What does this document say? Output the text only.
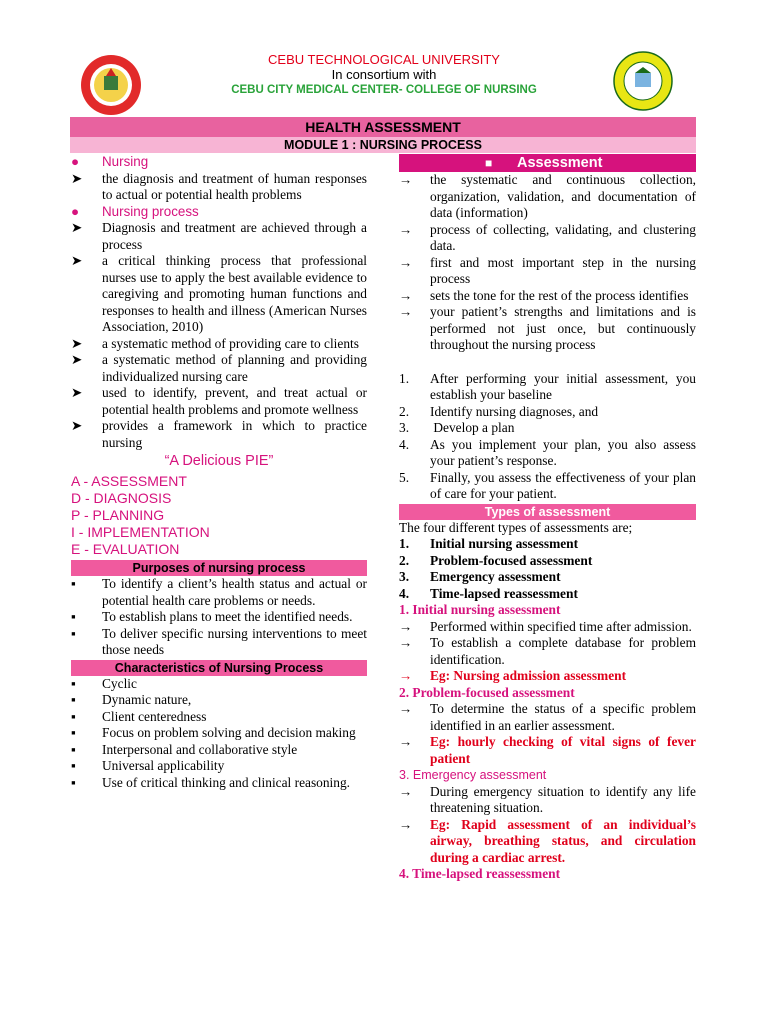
CEBU TECHNOLOGICAL UNIVERSITY
In consortium with
CEBU CITY MEDICAL CENTER- COLLEGE OF NURSING
HEALTH ASSESSMENT
MODULE 1 : NURSING PROCESS
●	Nursing
➤	the diagnosis and treatment of human responses to actual or potential health problems
●	Nursing process
➤	Diagnosis and treatment are achieved through a process
➤	a critical thinking process that professional nurses use to apply the best available evidence to caregiving and promoting human functions and responses to health and illness (American Nurses Association, 2010)
➤	a systematic method of providing care to clients
➤	a systematic method of planning and providing individualized nursing care
➤	used to identify, prevent, and treat actual or potential health problems and promote wellness
➤	provides a framework in which to practice nursing
“A Delicious PIE”
A - ASSESSMENT
D - DIAGNOSIS
P - PLANNING
I - IMPLEMENTATION
E - EVALUATION
Purposes of nursing process
▪	To identify a client’s health status and actual or potential health care problems or needs.
▪	To establish plans to meet the identified needs.
▪	To deliver specific nursing interventions to meet those needs
Characteristics of Nursing Process
▪	Cyclic
▪	Dynamic nature,
▪	Client centeredness
▪	Focus on problem solving and decision making
▪	Interpersonal and collaborative style
▪	Universal applicability
▪	Use of critical thinking and clinical reasoning.
■ Assessment
→	the systematic and continuous collection, organization, validation, and documentation of data (information)
→	process of collecting, validating, and clustering data.
→	first and most important step in the nursing process
→	sets the tone for the rest of the process identifies
→	your patient’s strengths and limitations and is performed not just once, but continuously throughout the nursing process
1.	After performing your initial assessment, you establish your baseline
2.	Identify nursing diagnoses, and
3.	Develop a plan
4.	As you implement your plan, you also assess your patient’s response.
5.	Finally, you assess the effectiveness of your plan of care for your patient.
Types of assessment
The four different types of assessments are;
1.	Initial nursing assessment
2.	Problem-focused assessment
3.	Emergency assessment
4.	Time-lapsed reassessment
1. Initial nursing assessment
→	Performed within specified time after admission.
→	To establish a complete database for problem identification.
→	Eg: Nursing admission assessment
2. Problem-focused assessment
→	To determine the status of a specific problem identified in an earlier assessment.
→	Eg: hourly checking of vital signs of fever patient
3. Emergency assessment
→	During emergency situation to identify any life threatening situation.
→	Eg: Rapid assessment of an individual’s airway, breathing status, and circulation during a cardiac arrest.
4. Time-lapsed reassessment
